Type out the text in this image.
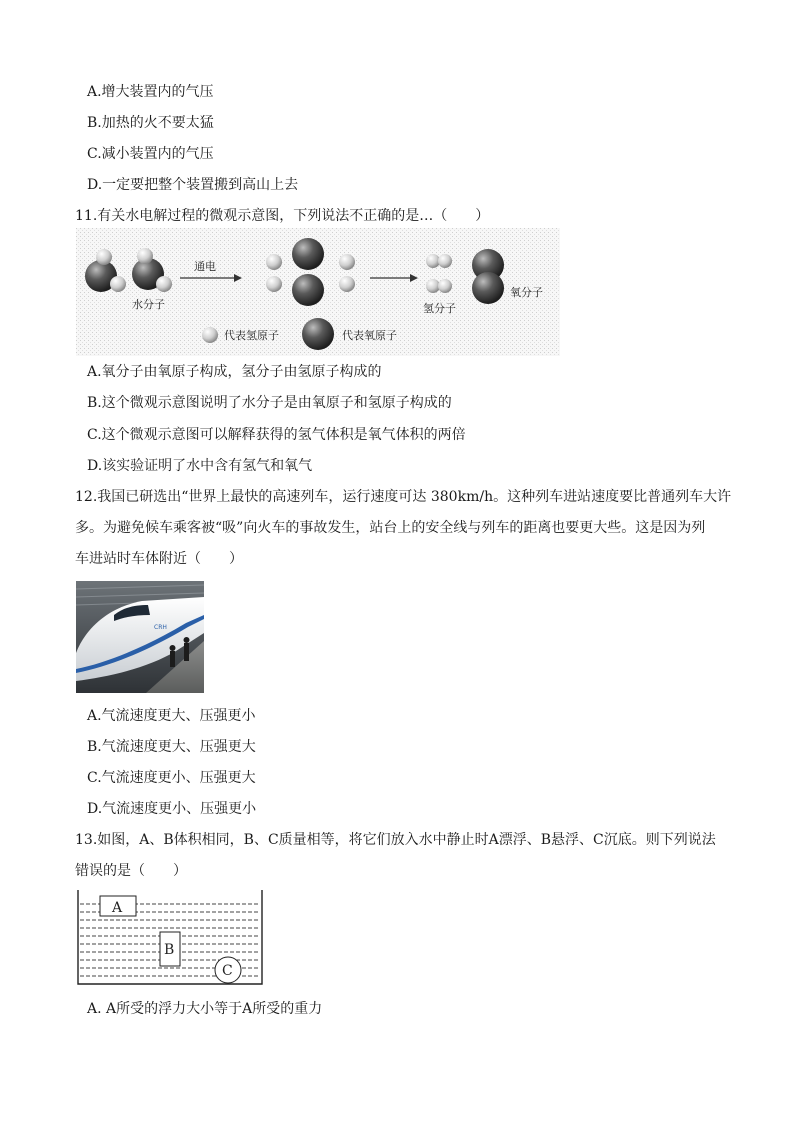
A.增大装置内的气压
B.加热的火不要太猛
C.减小装置内的气压
D.一定要把整个装置搬到高山上去
11.有关水电解过程的微观示意图，下列说法不正确的是…（　　）
水分子
通电
氢分子
氧分子
代表氢原子	代表氧原子
A.氧分子由氧原子构成，氢分子由氢原子构成的
B.这个微观示意图说明了水分子是由氧原子和氢原子构成的
C.这个微观示意图可以解释获得的氢气体积是氧气体积的两倍
D.该实验证明了水中含有氢气和氧气
12.我国已研选出“世界上最快的高速列车，运行速度可达 380km/h。这种列车进站速度要比普通列车大许
多。为避免候车乘客被“吸”向火车的事故发生，站台上的安全线与列车的距离也要更大些。这是因为列
车进站时车体附近（　　）
CRH
A.气流速度更大、压强更小
B.气流速度更大、压强更大
C.气流速度更小、压强更大
D.气流速度更小、压强更小
13.如图，A、B体积相同，B、C质量相等，将它们放入水中静止时A漂浮、B悬浮、C沉底。则下列说法
错误的是（　　）
A
B
C
A. A所受的浮力大小等于A所受的重力
